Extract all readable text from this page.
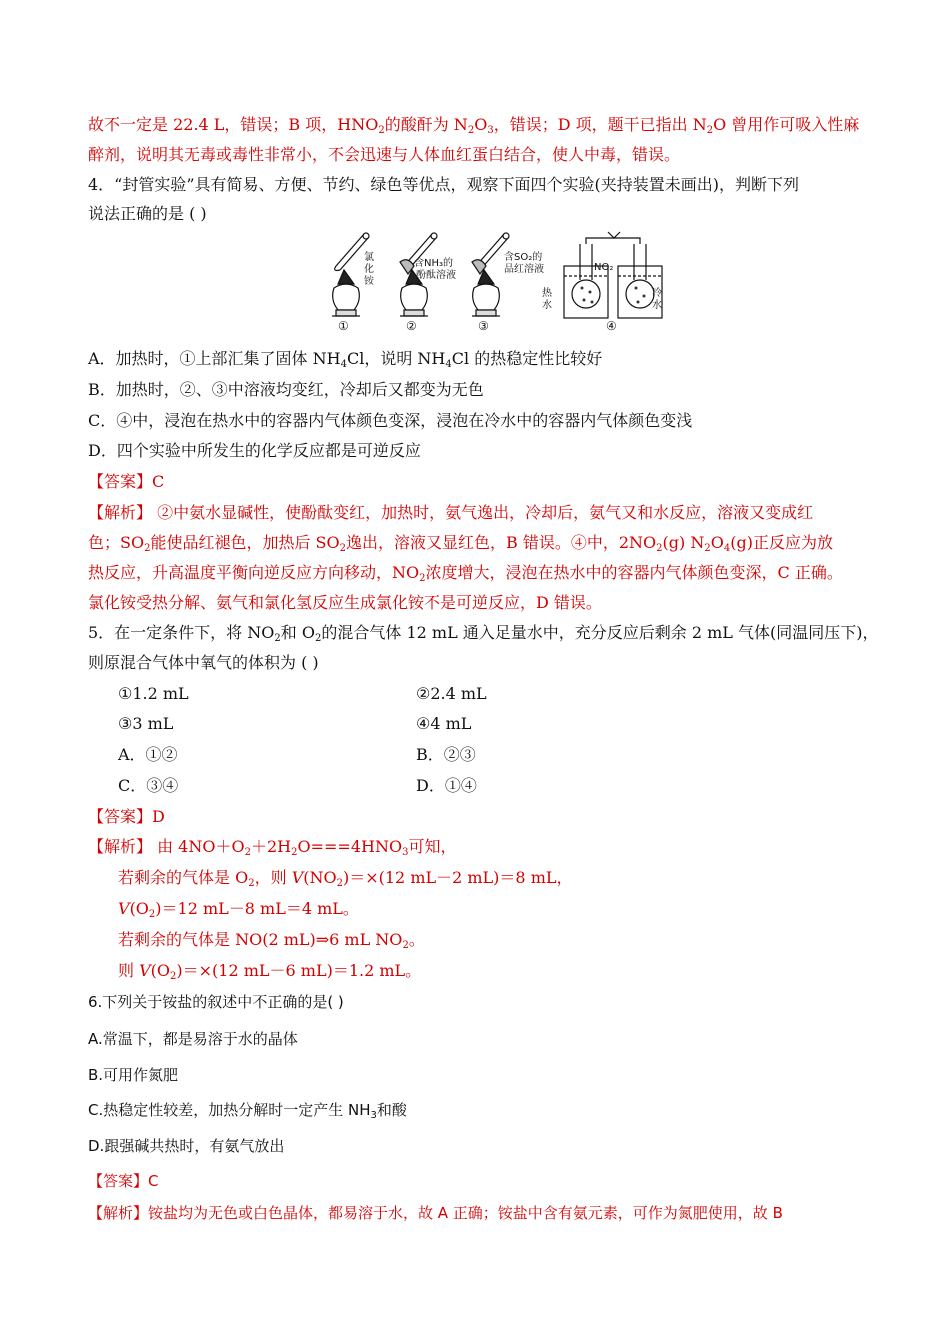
故不一定是 22.4 L，错误；B 项，$HNO_2$的酸酐为 $N_2O_3$，错误；D 项，题干已指出 $N_2O$ 曾用作可吸入性麻
醉剂，说明其无毒或毒性非常小，不会迅速与人体血红蛋白结合，使人中毒，错误。
4．“封管实验”具有简易、方便、节约、绿色等优点，观察下面四个实验(夹持装置未画出)，判断下列
说法正确的是 ( )
氯
化
铵
含NH₃的
酚酞溶液
含SO₂的
品红溶液	NO₂
热
水
冷
水
①	②	③	④
A．加热时，①上部汇集了固体 $NH_4Cl$，说明 $NH_4Cl$ 的热稳定性比较好
B．加热时，②、③中溶液均变红，冷却后又都变为无色
C．④中，浸泡在热水中的容器内气体颜色变深，浸泡在冷水中的容器内气体颜色变浅
D．四个实验中所发生的化学反应都是可逆反应
【答案】C
【解析】 ②中氨水显碱性，使酚酞变红，加热时，氨气逸出，冷却后，氨气又和水反应，溶液又变成红
色；$SO_2$能使品红褪色，加热后 $SO_2$逸出，溶液又显红色，B 错误。④中，$2NO_2(g)$ $N_2O_4(g)$正反应为放
热反应，升高温度平衡向逆反应方向移动，$NO_2$浓度增大，浸泡在热水中的容器内气体颜色变深，C 正确。
氯化铵受热分解、氨气和氯化氢反应生成氯化铵不是可逆反应，D 错误。
5．在一定条件下，将 $NO_2$和 $O_2$的混合气体 12 mL 通入足量水中，充分反应后剩余 2 mL 气体(同温同压下)，
则原混合气体中氧气的体积为 ( )
①1.2 mL	②2.4 mL
③3 mL	④4 mL
A．①②	B．②③
C．③④	D．①④
【答案】D
【解析】 由 $4NO+O_2+2H_2O===4HNO_3$可知，
若剩余的气体是 $O_2$，则 $V(NO_2)=\times(12$ mL－2 mL)＝8 mL，
$V(O_2)=12$ mL－8 mL＝4 mL。
若剩余的气体是 NO(2 mL)⇒6 mL $NO_2$。
则 $V(O_2)=\times(12$ mL－6 mL)＝1.2 mL。
6.下列关于铵盐的叙述中不正确的是( )
A.常温下，都是易溶于水的晶体
B.可用作氮肥
C.热稳定性较差，加热分解时一定产生 $NH_3$和酸
D.跟强碱共热时，有氨气放出
【答案】C
【解析】铵盐均为无色或白色晶体，都易溶于水，故 A 正确；铵盐中含有氨元素，可作为氮肥使用，故 B
